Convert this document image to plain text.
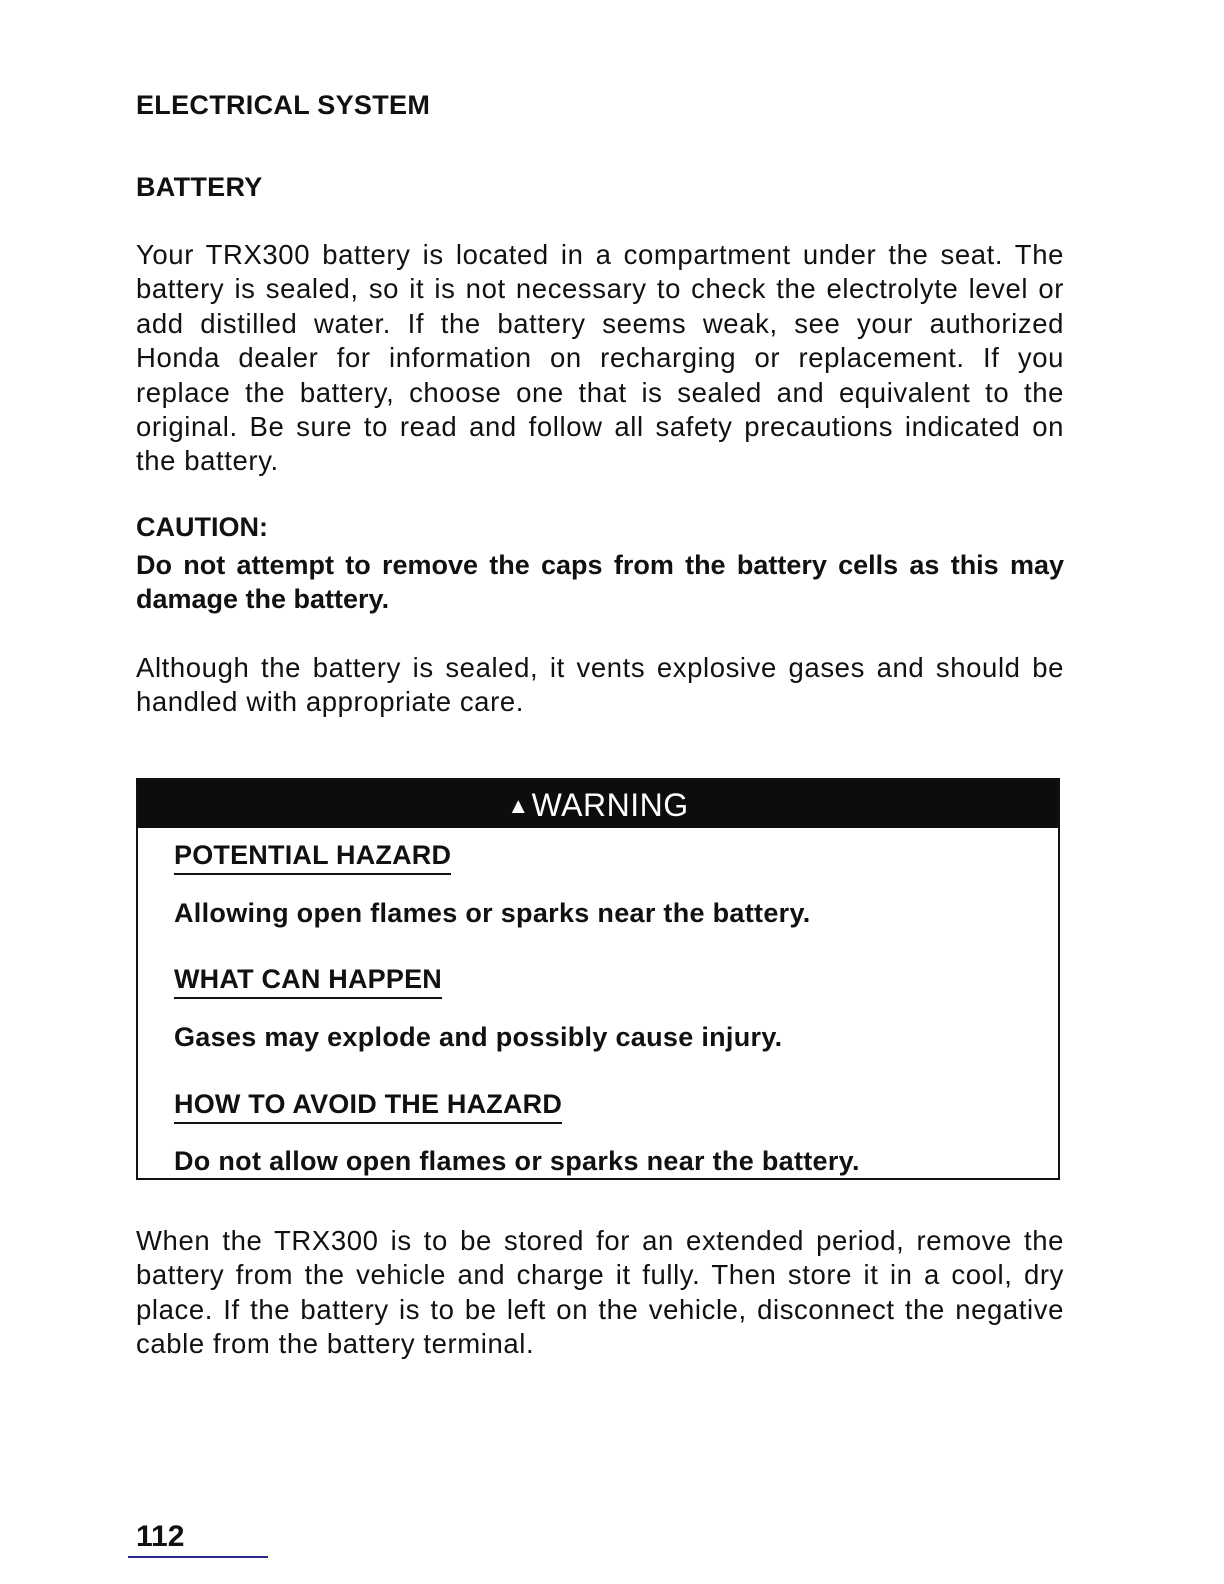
ELECTRICAL SYSTEM
BATTERY
Your TRX300 battery is located in a compartment under the seat. The battery is sealed, so it is not necessary to check the electrolyte level or add distilled water. If the battery seems weak, see your authorized Honda dealer for information on recharging or replacement. If you replace the battery, choose one that is sealed and equivalent to the original. Be sure to read and follow all safety precautions indicated on the battery.
CAUTION:
Do not attempt to remove the caps from the battery cells as this may damage the battery.
Although the battery is sealed, it vents explosive gases and should be handled with appropriate care.
▲WARNING
POTENTIAL HAZARD
Allowing open flames or sparks near the battery.
WHAT CAN HAPPEN
Gases may explode and possibly cause injury.
HOW TO AVOID THE HAZARD
Do not allow open flames or sparks near the battery.
When the TRX300 is to be stored for an extended period, remove the battery from the vehicle and charge it fully. Then store it in a cool, dry place. If the battery is to be left on the vehicle, disconnect the negative cable from the battery terminal.
112
